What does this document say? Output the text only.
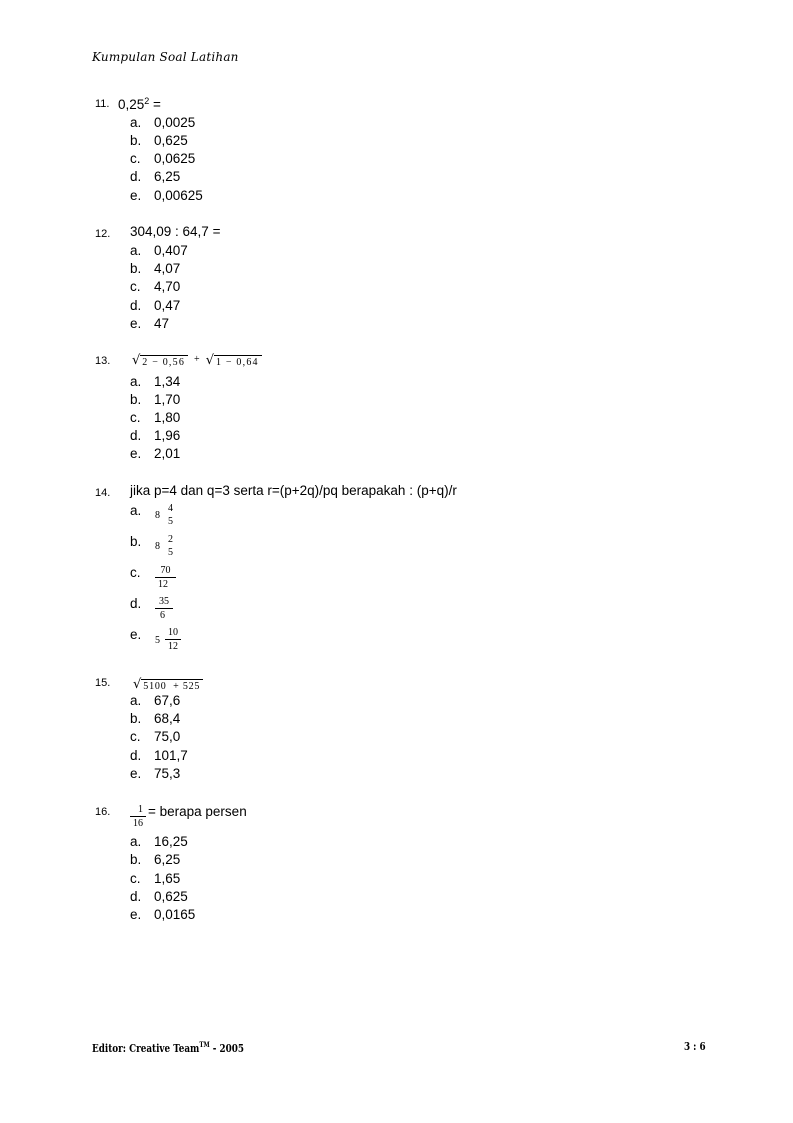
Kumpulan Soal Latihan
11. $0,25^2$ =
a. 0,0025
b. 0,625
c. 0,0625
d. 6,25
e. 0,00625
12. 304,09 : 64,7 =
a. 0,407
b. 4,07
c. 4,70
d. 0,47
e. 47
13. √ 2 − 0,56 + √ 1 − 0,64
a. 1,34
b. 1,70
c. 1,80
d. 1,96
e. 2,01
14. jika p=4 dan q=3 serta r=(p+2q)/pq berapakah : (p+q)/r
a. 8
4
5
b. 8
2
5
c. $\frac{70}{12}$
d. $\frac{35}{6}$
e. $5 \frac{10}{12}$
15. √ 5100  + 525
a. 67,6
b. 68,4
c. 75,0
d. 101,7
e. 75,3
16. $\frac{1}{16}$ = berapa persen
a. 16,25
b. 6,25
c. 1,65
d. 0,625
e. 0,0165
Editor: Creative Team™ - 2005	3 : 6
